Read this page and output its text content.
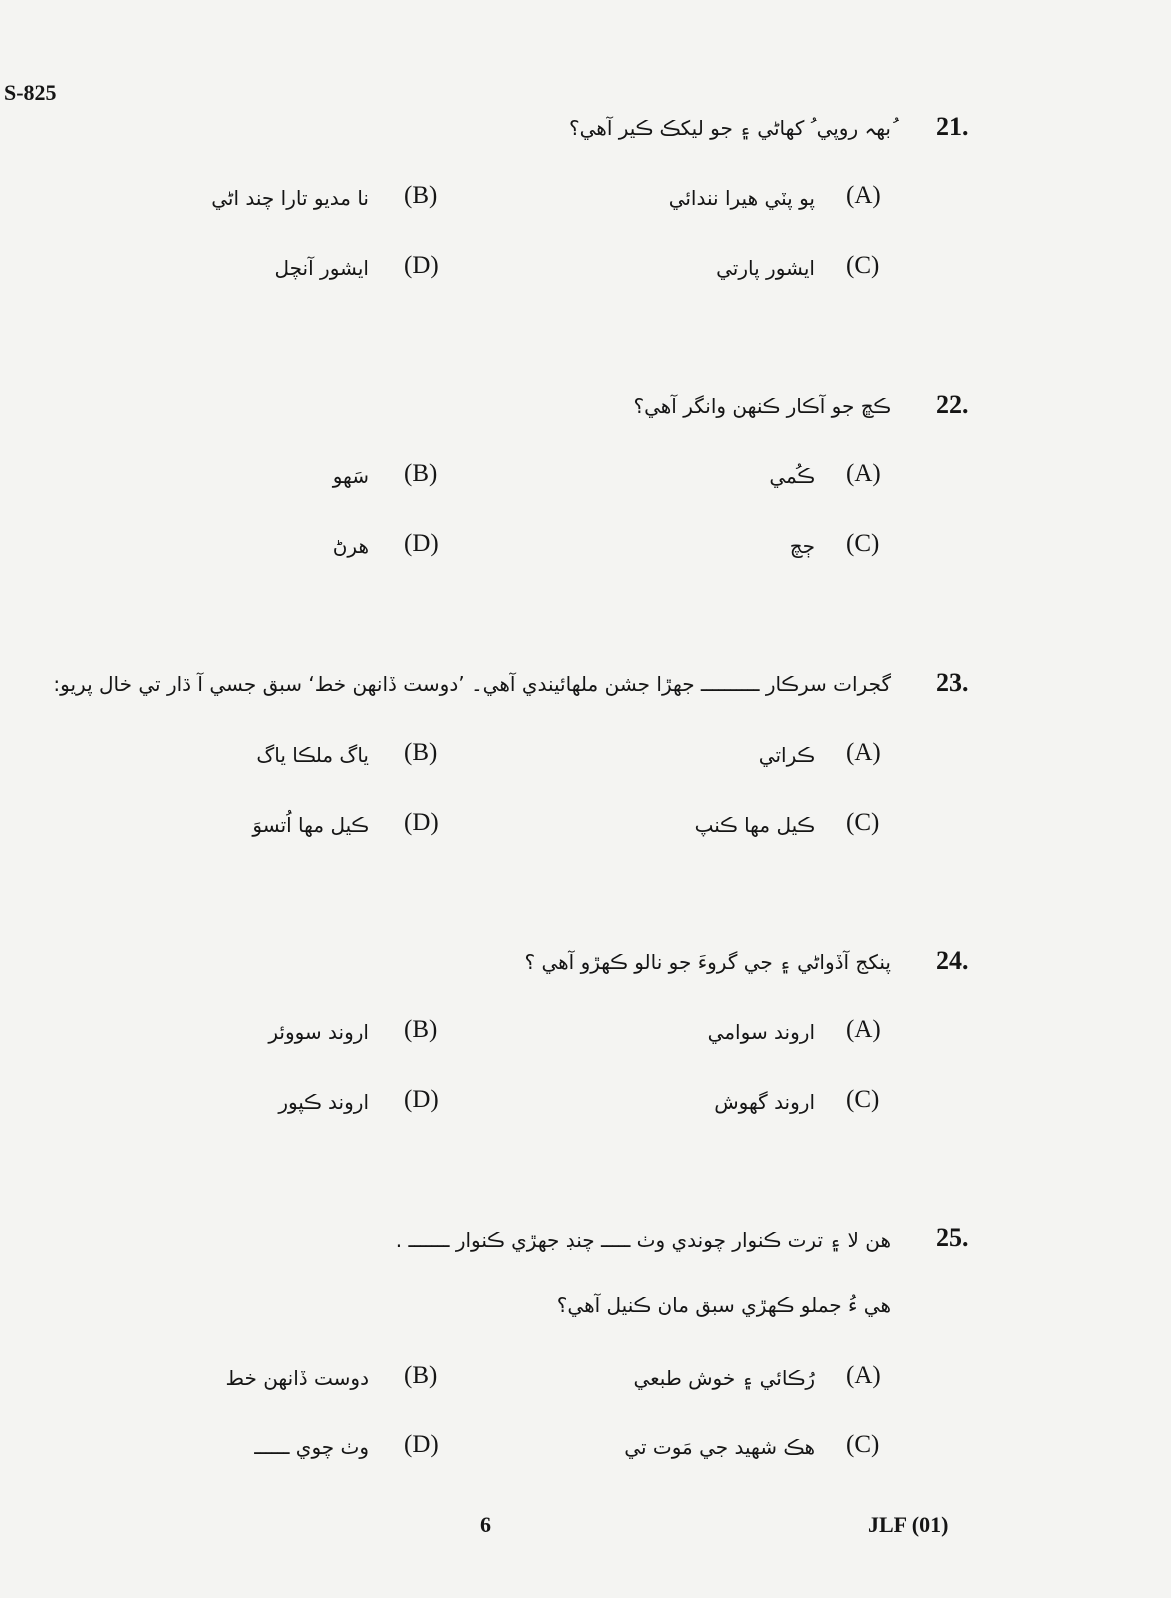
S-825
21.
ُبھہ روپي ُ کھاڻي ۽ جو ليکڪ ڪير آھي؟
(A)
پو پٽي هيرا نندائي
(B)
نا مديو تارا چند اڻي
(C)
ايشور پارتي
(D)
ايشور آنچل
22.
ڪڇ جو آڪار ڪنھن وانگر آھي؟
(A)
ڪُمي
(B)
سَھو
(C)
ڄچ
(D)
هرڻ
23.
گجرات سرڪار ــــــــــ جهڙا جشن ملهائيندي آهي۔ ’دوست ڏانهن خط‘ سبق جسي آ ڌار تي خال پريو:
(A)
ڪراتي
(B)
ياگ ملڪا ياگ
(C)
ڪيل مها ڪنپ
(D)
ڪيل مها اُتسوَ
24.
پنکج آڏواڻي ۽ جي گروءَ جو نالو ڪهڙو آهي ؟
(A)
اروند سوامي
(B)
اروند سووئر
(C)
اروند گھوش
(D)
اروند ڪپور
25.
هن لا ۽ ترت ڪنوار چوندي وٺ ـــــ چنڊ جهڙي ڪنوار ـــــــ .
هي ءُ جملو ڪهڙي سبق مان ڪنيل آهي؟
(A)
رُڪائي ۽ خوش طبعي
(B)
دوست ڏانهن خط
(C)
هڪ شهيد جي مَوت تي
(D)
وٺ چوي ــــــ
6	JLF (01)
